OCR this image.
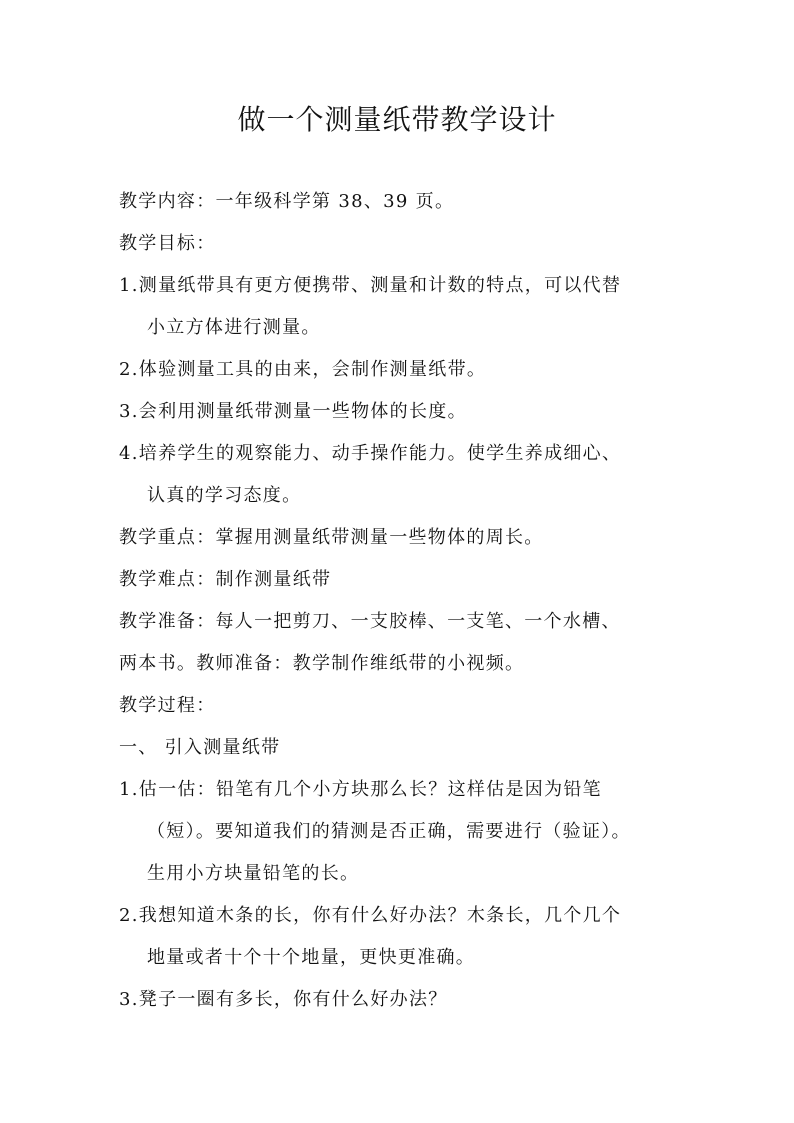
做一个测量纸带教学设计
教学内容：一年级科学第 38、39 页。
教学目标：
1.测量纸带具有更方便携带、测量和计数的特点，可以代替
小立方体进行测量。
2.体验测量工具的由来，会制作测量纸带。
3.会利用测量纸带测量一些物体的长度。
4.培养学生的观察能力、动手操作能力。使学生养成细心、
认真的学习态度。
教学重点：掌握用测量纸带测量一些物体的周长。
教学难点：制作测量纸带
教学准备：每人一把剪刀、一支胶棒、一支笔、一个水槽、
两本书。教师准备：教学制作维纸带的小视频。
教学过程：
一、 引入测量纸带
1.估一估：铅笔有几个小方块那么长？这样估是因为铅笔
（短）。要知道我们的猜测是否正确，需要进行（验证）。
生用小方块量铅笔的长。
2.我想知道木条的长，你有什么好办法？木条长，几个几个
地量或者十个十个地量，更快更准确。
3.凳子一圈有多长，你有什么好办法？
